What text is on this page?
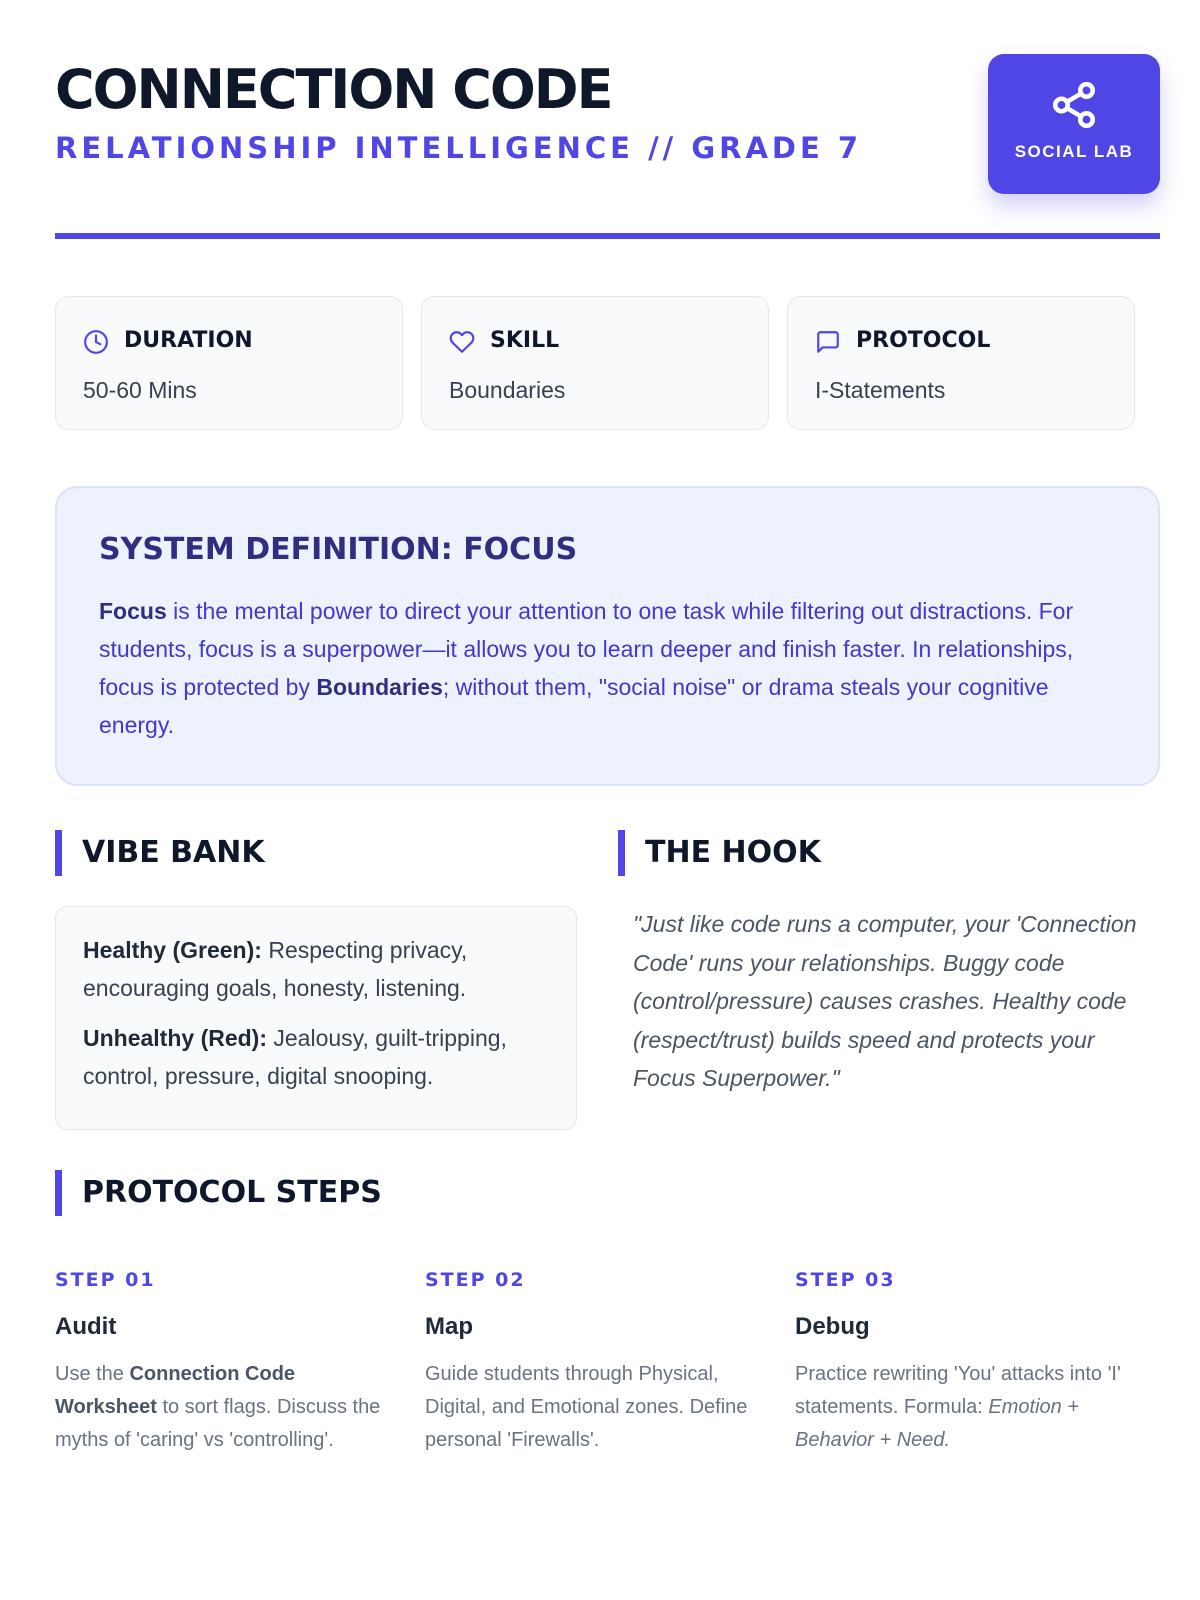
CONNECTION CODE
RELATIONSHIP INTELLIGENCE // GRADE 7	SOCIAL LAB
DURATION
50-60 Mins
SKILL
Boundaries
PROTOCOL
I-Statements
SYSTEM DEFINITION: FOCUS

Focus is the mental power to direct your attention to one task while filtering out distractions. For students, focus is a superpower—it allows you to learn deeper and finish faster. In relationships, focus is protected by Boundaries; without them, "social noise" or drama steals your cognitive energy.

VIBE BANK

Healthy (Green): Respecting privacy, encouraging goals, honesty, listening.

Unhealthy (Red): Jealousy, guilt-tripping, control, pressure, digital snooping.

THE HOOK

"Just like code runs a computer, your 'Connection Code' runs your relationships. Buggy code (control/pressure) causes crashes. Healthy code (respect/trust) builds speed and protects your Focus Superpower."

PROTOCOL STEPS
STEP 01
Audit
Use the Connection Code Worksheet to sort flags. Discuss the myths of 'caring' vs 'controlling'.
STEP 02
Map
Guide students through Physical, Digital, and Emotional zones. Define personal 'Firewalls'.
STEP 03
Debug
Practice rewriting 'You' attacks into 'I' statements. Formula: Emotion + Behavior + Need.
